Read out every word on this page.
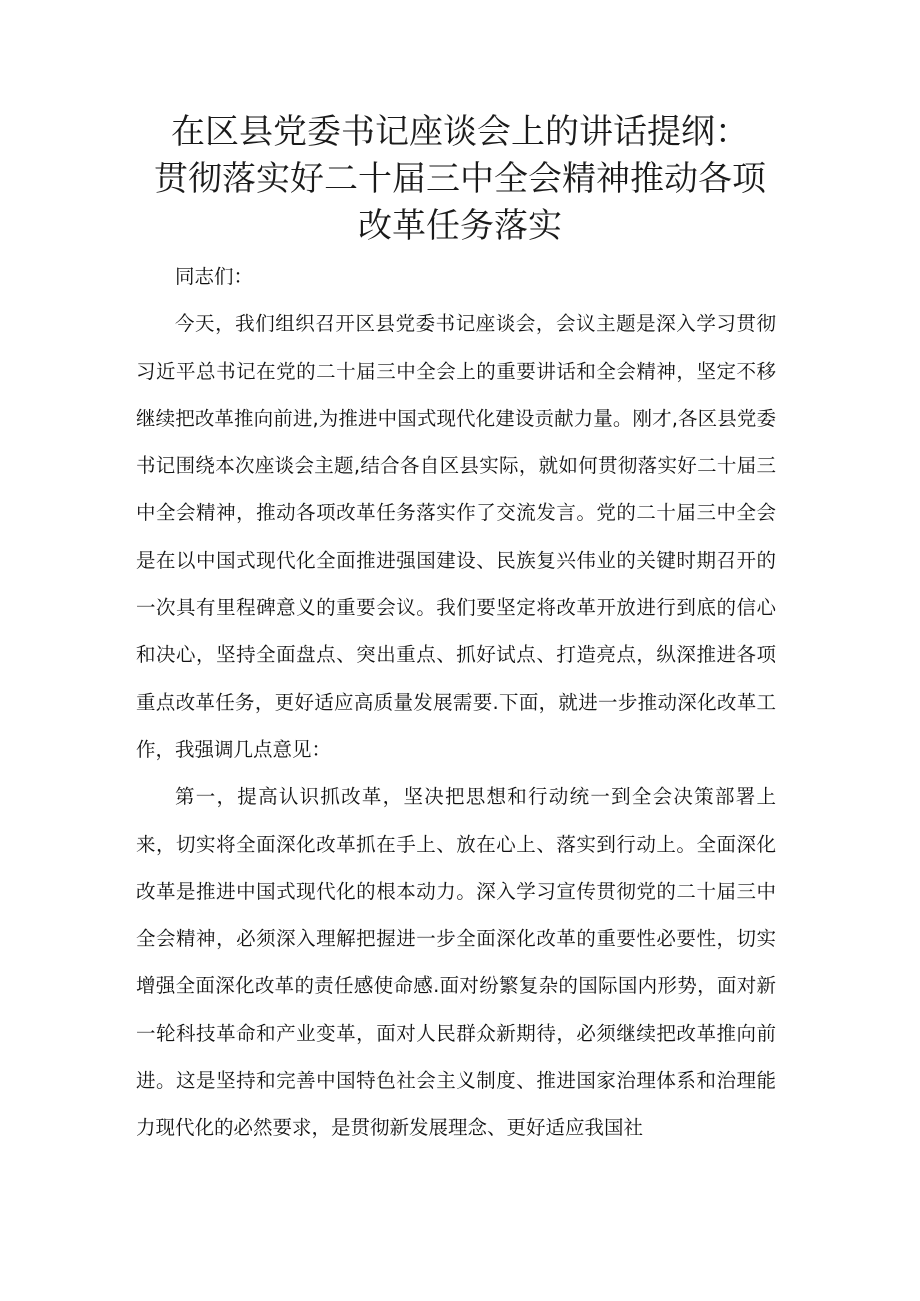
在区县党委书记座谈会上的讲话提纲：
贯彻落实好二十届三中全会精神推动各项
改革任务落实

同志们：

今天，我们组织召开区县党委书记座谈会，会议主题是深入学习贯彻习近平总书记在党的二十届三中全会上的重要讲话和全会精神，坚定不移继续把改革推向前进,为推进中国式现代化建设贡献力量。刚才,各区县党委书记围绕本次座谈会主题,结合各自区县实际，就如何贯彻落实好二十届三中全会精神，推动各项改革任务落实作了交流发言。党的二十届三中全会是在以中国式现代化全面推进强国建设、民族复兴伟业的关键时期召开的一次具有里程碑意义的重要会议。我们要坚定将改革开放进行到底的信心和决心，坚持全面盘点、突出重点、抓好试点、打造亮点，纵深推进各项重点改革任务，更好适应高质量发展需要.下面，就进一步推动深化改革工作，我强调几点意见：

第一，提高认识抓改革，坚决把思想和行动统一到全会决策部署上来，切实将全面深化改革抓在手上、放在心上、落实到行动上。全面深化改革是推进中国式现代化的根本动力。深入学习宣传贯彻党的二十届三中全会精神，必须深入理解把握进一步全面深化改革的重要性必要性，切实增强全面深化改革的责任感使命感.面对纷繁复杂的国际国内形势，面对新一轮科技革命和产业变革，面对人民群众新期待，必须继续把改革推向前进。这是坚持和完善中国特色社会主义制度、推进国家治理体系和治理能力现代化的必然要求，是贯彻新发展理念、更好适应我国社
